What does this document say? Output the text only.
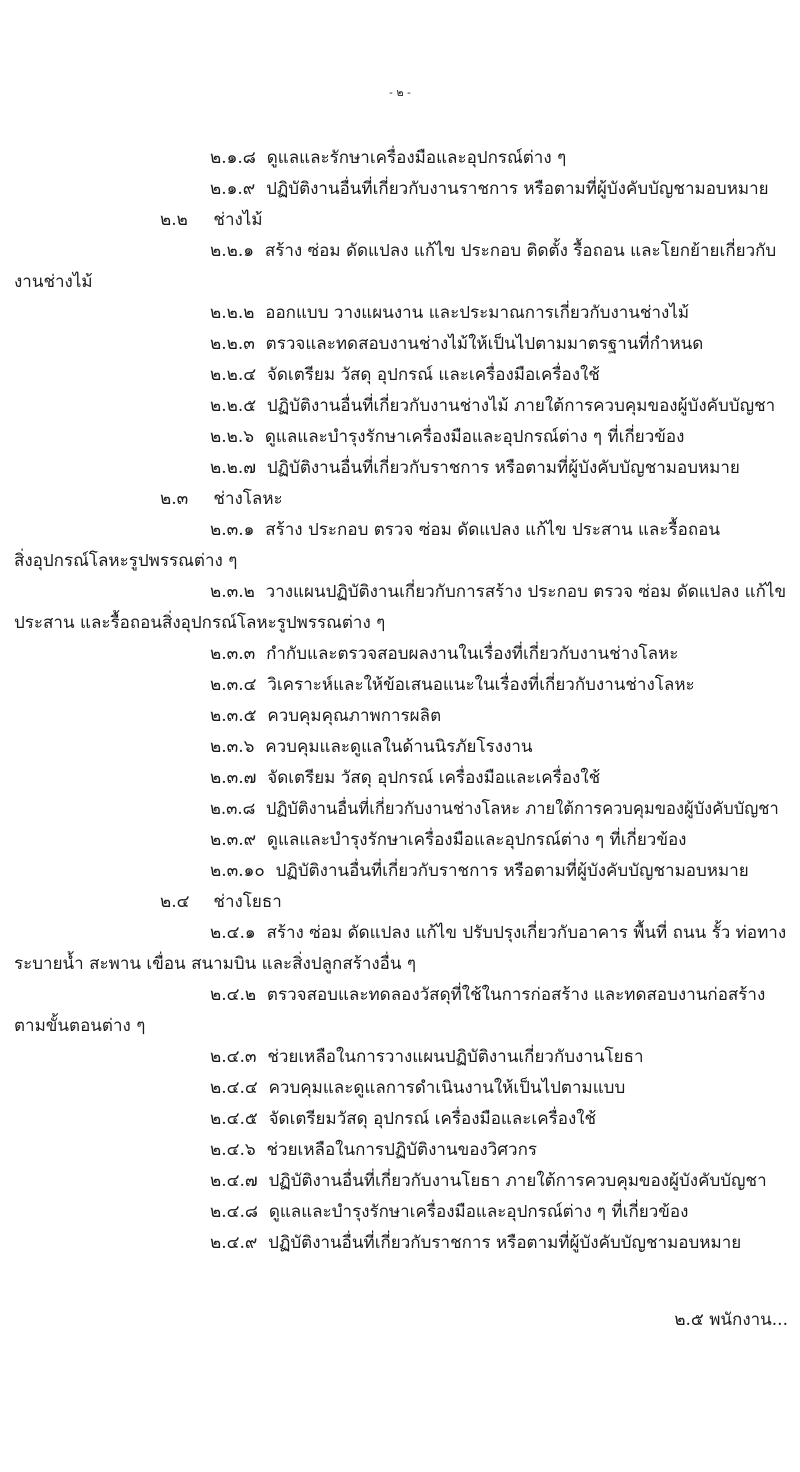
- ๒ -
๒.๑.๘ ดูแลและรักษาเครื่องมือและอุปกรณ์ต่าง ๆ
๒.๑.๙ ปฏิบัติงานอื่นที่เกี่ยวกับงานราชการ หรือตามที่ผู้บังคับบัญชามอบหมาย
๒.๒ ช่างไม้
๒.๒.๑ สร้าง ซ่อม ดัดแปลง แก้ไข ประกอบ ติดตั้ง รื้อถอน และโยกย้ายเกี่ยวกับ
งานช่างไม้
๒.๒.๒ ออกแบบ วางแผนงาน และประมาณการเกี่ยวกับงานช่างไม้
๒.๒.๓ ตรวจและทดสอบงานช่างไม้ให้เป็นไปตามมาตรฐานที่กำหนด
๒.๒.๔ จัดเตรียม วัสดุ อุปกรณ์ และเครื่องมือเครื่องใช้
๒.๒.๕ ปฏิบัติงานอื่นที่เกี่ยวกับงานช่างไม้ ภายใต้การควบคุมของผู้บังคับบัญชา
๒.๒.๖ ดูแลและบำรุงรักษาเครื่องมือและอุปกรณ์ต่าง ๆ ที่เกี่ยวข้อง
๒.๒.๗ ปฏิบัติงานอื่นที่เกี่ยวกับราชการ หรือตามที่ผู้บังคับบัญชามอบหมาย
๒.๓ ช่างโลหะ
๒.๓.๑ สร้าง ประกอบ ตรวจ ซ่อม ดัดแปลง แก้ไข ประสาน และรื้อถอน
สิ่งอุปกรณ์โลหะรูปพรรณต่าง ๆ
๒.๓.๒ วางแผนปฏิบัติงานเกี่ยวกับการสร้าง ประกอบ ตรวจ ซ่อม ดัดแปลง แก้ไข
ประสาน และรื้อถอนสิ่งอุปกรณ์โลหะรูปพรรณต่าง ๆ
๒.๓.๓ กำกับและตรวจสอบผลงานในเรื่องที่เกี่ยวกับงานช่างโลหะ
๒.๓.๔ วิเคราะห์และให้ข้อเสนอแนะในเรื่องที่เกี่ยวกับงานช่างโลหะ
๒.๓.๕ ควบคุมคุณภาพการผลิต
๒.๓.๖ ควบคุมและดูแลในด้านนิรภัยโรงงาน
๒.๓.๗ จัดเตรียม วัสดุ อุปกรณ์ เครื่องมือและเครื่องใช้
๒.๓.๘ ปฏิบัติงานอื่นที่เกี่ยวกับงานช่างโลหะ ภายใต้การควบคุมของผู้บังคับบัญชา
๒.๓.๙ ดูแลและบำรุงรักษาเครื่องมือและอุปกรณ์ต่าง ๆ ที่เกี่ยวข้อง
๒.๓.๑๐ ปฏิบัติงานอื่นที่เกี่ยวกับราชการ หรือตามที่ผู้บังคับบัญชามอบหมาย
๒.๔ ช่างโยธา
๒.๔.๑ สร้าง ซ่อม ดัดแปลง แก้ไข ปรับปรุงเกี่ยวกับอาคาร พื้นที่ ถนน รั้ว ท่อทาง
ระบายน้ำ สะพาน เขื่อน สนามบิน และสิ่งปลูกสร้างอื่น ๆ
๒.๔.๒ ตรวจสอบและทดลองวัสดุที่ใช้ในการก่อสร้าง และทดสอบงานก่อสร้าง
ตามขั้นตอนต่าง ๆ
๒.๔.๓ ช่วยเหลือในการวางแผนปฏิบัติงานเกี่ยวกับงานโยธา
๒.๔.๔ ควบคุมและดูแลการดำเนินงานให้เป็นไปตามแบบ
๒.๔.๕ จัดเตรียมวัสดุ อุปกรณ์ เครื่องมือและเครื่องใช้
๒.๔.๖ ช่วยเหลือในการปฏิบัติงานของวิศวกร
๒.๔.๗ ปฏิบัติงานอื่นที่เกี่ยวกับงานโยธา ภายใต้การควบคุมของผู้บังคับบัญชา
๒.๔.๘ ดูแลและบำรุงรักษาเครื่องมือและอุปกรณ์ต่าง ๆ ที่เกี่ยวข้อง
๒.๔.๙ ปฏิบัติงานอื่นที่เกี่ยวกับราชการ หรือตามที่ผู้บังคับบัญชามอบหมาย
๒.๕ พนักงาน...
